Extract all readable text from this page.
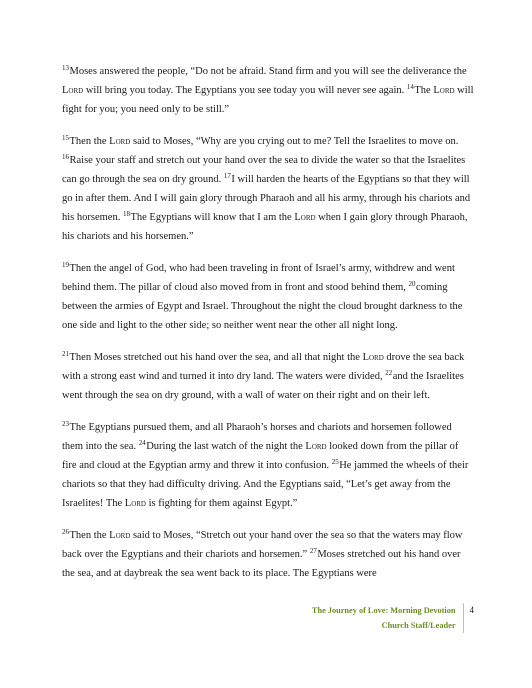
$^{13}$Moses answered the people, “Do not be afraid. Stand firm and you will see the deliverance the Lord will bring you today. The Egyptians you see today you will never see again. $^{14}$The Lord will fight for you; you need only to be still.”

$^{15}$Then the Lord said to Moses, “Why are you crying out to me? Tell the Israelites to move on. $^{16}$Raise your staff and stretch out your hand over the sea to divide the water so that the Israelites can go through the sea on dry ground. $^{17}$I will harden the hearts of the Egyptians so that they will go in after them. And I will gain glory through Pharaoh and all his army, through his chariots and his horsemen. $^{18}$The Egyptians will know that I am the Lord when I gain glory through Pharaoh, his chariots and his horsemen.”

$^{19}$Then the angel of God, who had been traveling in front of Israel’s army, withdrew and went behind them. The pillar of cloud also moved from in front and stood behind them, $^{20}$coming between the armies of Egypt and Israel. Throughout the night the cloud brought darkness to the one side and light to the other side; so neither went near the other all night long.

$^{21}$Then Moses stretched out his hand over the sea, and all that night the Lord drove the sea back with a strong east wind and turned it into dry land. The waters were divided, $^{22}$and the Israelites went through the sea on dry ground, with a wall of water on their right and on their left.

$^{23}$The Egyptians pursued them, and all Pharaoh’s horses and chariots and horsemen followed them into the sea. $^{24}$During the last watch of the night the Lord looked down from the pillar of fire and cloud at the Egyptian army and threw it into confusion. $^{25}$He jammed the wheels of their chariots so that they had difficulty driving. And the Egyptians said, “Let’s get away from the Israelites! The Lord is fighting for them against Egypt.”

$^{26}$Then the Lord said to Moses, “Stretch out your hand over the sea so that the waters may flow back over the Egyptians and their chariots and horsemen.” $^{27}$Moses stretched out his hand over the sea, and at daybreak the sea went back to its place. The Egyptians were

The Journey of Love: Morning Devotion
Church Staff/Leader
4
